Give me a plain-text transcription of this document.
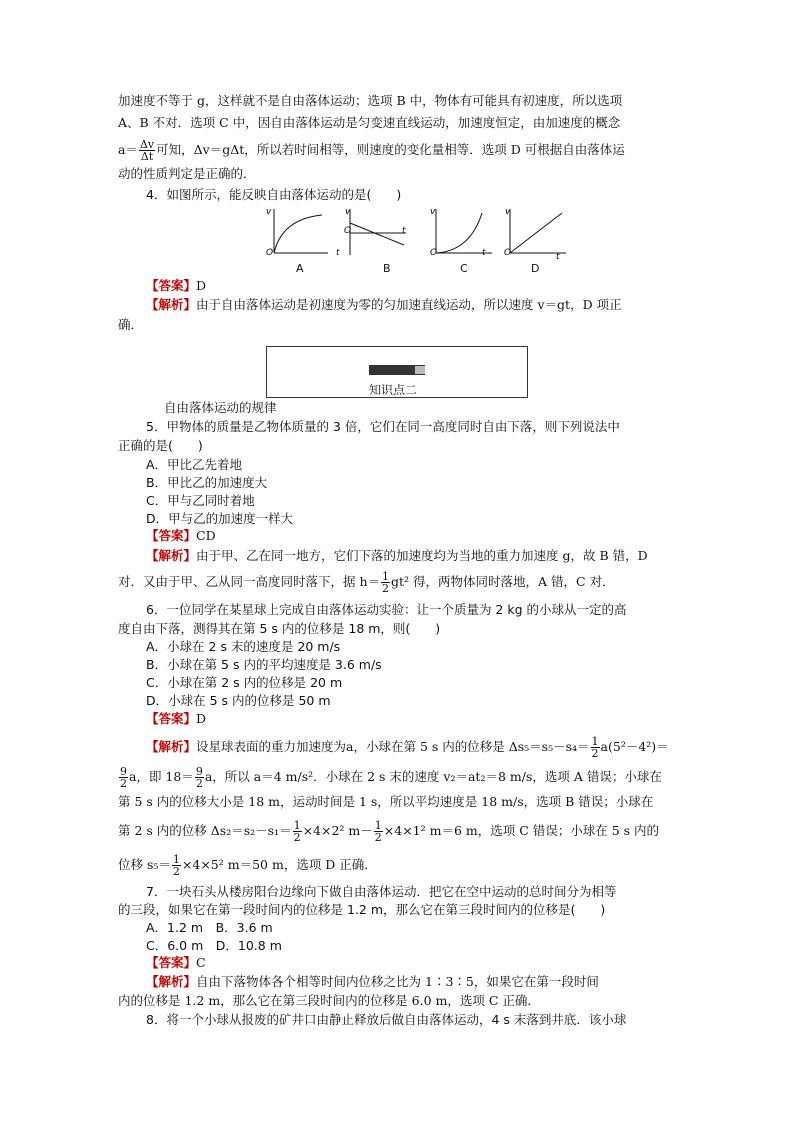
加速度不等于 g，这样就不是自由落体运动；选项 B 中，物体有可能具有初速度，所以选项
A、B 不对．选项 C 中，因自由落体运动是匀变速直线运动，加速度恒定，由加速度的概念
$a= \frac{\Delta v}{\Delta t}$ 可知，Δv＝gΔt，所以若时间相等，则速度的变化量相等．选项 D 可根据自由落体运
动的性质判定是正确的．
4．如图所示，能反映自由落体运动的是(　　)
v
O	t
v
O	t
v
O	t
v
O	t
A	B	C	D
【答案】D
【解析】由于自由落体运动是初速度为零的匀加速直线运动，所以速度 v＝gt，D 项正
确．
知识点二
自由落体运动的规律
5．甲物体的质量是乙物体质量的 3 倍，它们在同一高度同时自由下落，则下列说法中
正确的是(　　)
A．甲比乙先着地
B．甲比乙的加速度大
C．甲与乙同时着地
D．甲与乙的加速度一样大
【答案】CD
【解析】由于甲、乙在同一地方，它们下落的加速度均为当地的重力加速度 g，故 B 错，D
对．又由于甲、乙从同一高度同时落下，据 $h= \frac{1}{2} gt^2$ 得，两物体同时落地，A 错，C 对．
6．一位同学在某星球上完成自由落体运动实验：让一个质量为 2 kg 的小球从一定的高
度自由下落，测得其在第 5 s 内的位移是 18 m，则(　　)
A．小球在 2 s 末的速度是 20 m/s
B．小球在第 5 s 内的平均速度是 3.6 m/s
C．小球在第 2 s 内的位移是 20 m
D．小球在 5 s 内的位移是 50 m
【答案】D
【解析】设星球表面的重力加速度为a，小球在第 5 s 内的位移是 $\Delta s_5=s_5-s_4= \frac{1}{2} a(5^2-4^2)=$
$\frac{9}{2}$ a，即 $18= \frac{9}{2}$ a，所以 a＝4 m/s²．小球在 2 s 末的速度 v₂＝at₂＝8 m/s，选项 A 错误；小球在
第 5 s 内的位移大小是 18 m，运动时间是 1 s，所以平均速度是 18 m/s，选项 B 错误；小球在
第 2 s 内的位移 $\Delta s_2=s_2-s_1= \frac{1}{2} \times 4\times 2^2$ $m- \frac{1}{2} \times 4\times 1^2$ m＝6 m，选项 C 错误；小球在 5 s 内的
位移 $s_5= \frac{1}{2} \times 4\times 5^2$ m＝50 m，选项 D 正确．
7．一块石头从楼房阳台边缘向下做自由落体运动．把它在空中运动的总时间分为相等
的三段，如果它在第一段时间内的位移是 1.2 m，那么它在第三段时间内的位移是(　　)
A．1.2 m　B．3.6 m
C．6.0 m　D．10.8 m
【答案】C
【解析】自由下落物体各个相等时间内位移之比为 1∶3∶5，如果它在第一段时间
内的位移是 1.2 m，那么它在第三段时间内的位移是 6.0 m，选项 C 正确．
8．将一个小球从报废的矿井口由静止释放后做自由落体运动，4 s 末落到井底．该小球
